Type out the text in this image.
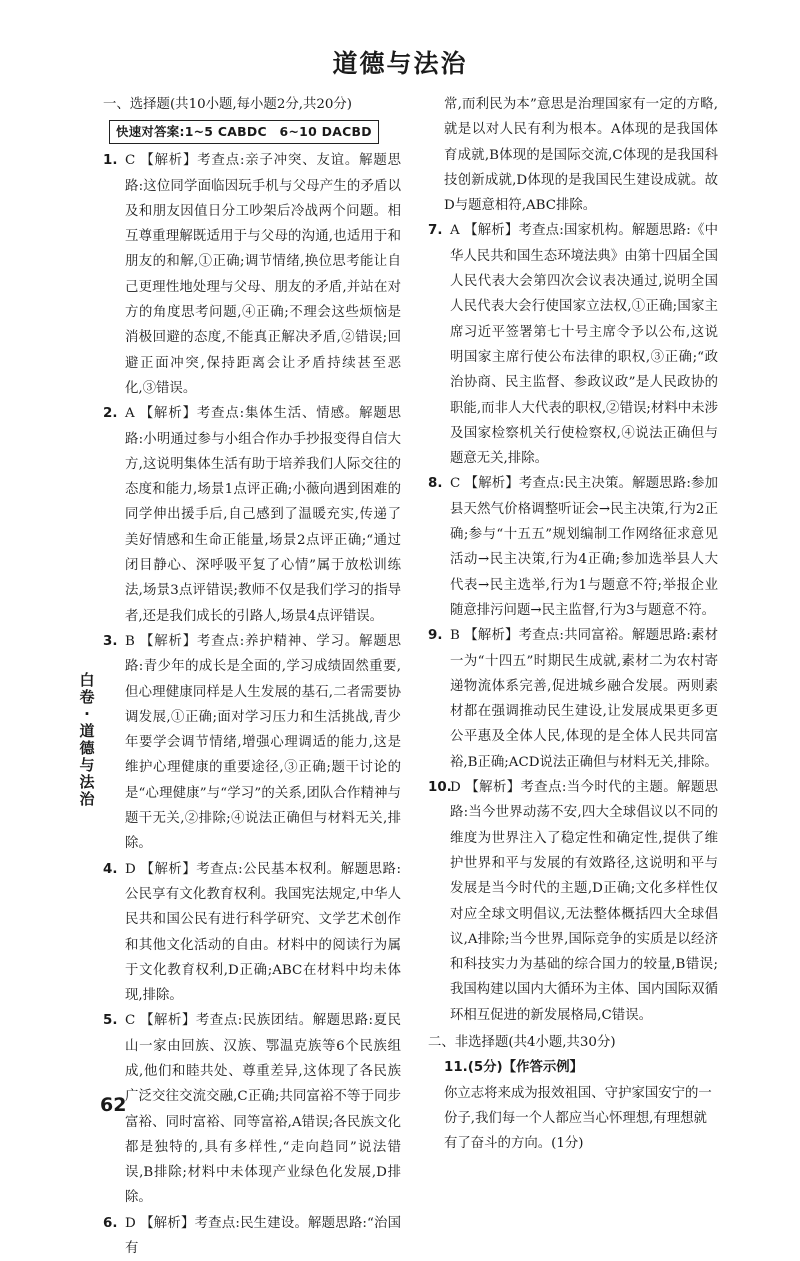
道德与法治

一、选择题(共10小题,每小题2分,共20分)

快速对答案:1~5 CABDC　6~10 DACBD

1. C 【解析】考查点:亲子冲突、友谊。解题思路:这位同学面临因玩手机与父母产生的矛盾以及和朋友因值日分工吵架后冷战两个问题。相互尊重理解既适用于与父母的沟通,也适用于和朋友的和解,①正确;调节情绪,换位思考能让自己更理性地处理与父母、朋友的矛盾,并站在对方的角度思考问题,④正确;不理会这些烦恼是消极回避的态度,不能真正解决矛盾,②错误;回避正面冲突,保持距离会让矛盾持续甚至恶化,③错误。

2. A 【解析】考查点:集体生活、情感。解题思路:小明通过参与小组合作办手抄报变得自信大方,这说明集体生活有助于培养我们人际交往的态度和能力,场景1点评正确;小薇向遇到困难的同学伸出援手后,自己感到了温暖充实,传递了美好情感和生命正能量,场景2点评正确;“通过闭目静心、深呼吸平复了心情”属于放松训练法,场景3点评错误;教师不仅是我们学习的指导者,还是我们成长的引路人,场景4点评错误。

3. B 【解析】考查点:养护精神、学习。解题思路:青少年的成长是全面的,学习成绩固然重要,但心理健康同样是人生发展的基石,二者需要协调发展,①正确;面对学习压力和生活挑战,青少年要学会调节情绪,增强心理调适的能力,这是维护心理健康的重要途径,③正确;题干讨论的是“心理健康”与“学习”的关系,团队合作精神与题干无关,②排除;④说法正确但与材料无关,排除。

4. D 【解析】考查点:公民基本权利。解题思路:公民享有文化教育权利。我国宪法规定,中华人民共和国公民有进行科学研究、文学艺术创作和其他文化活动的自由。材料中的阅读行为属于文化教育权利,D正确;ABC在材料中均未体现,排除。

5. C 【解析】考查点:民族团结。解题思路:夏民山一家由回族、汉族、鄂温克族等6个民族组成,他们和睦共处、尊重差异,这体现了各民族广泛交往交流交融,C正确;共同富裕不等于同步富裕、同时富裕、同等富裕,A错误;各民族文化都是独特的,具有多样性,“走向趋同”说法错误,B排除;材料中未体现产业绿色化发展,D排除。

6. D 【解析】考查点:民生建设。解题思路:“治国有

常,而利民为本”意思是治理国家有一定的方略,就是以对人民有利为根本。A体现的是我国体育成就,B体现的是国际交流,C体现的是我国科技创新成就,D体现的是我国民生建设成就。故D与题意相符,ABC排除。

7. A 【解析】考查点:国家机构。解题思路:《中华人民共和国生态环境法典》由第十四届全国人民代表大会第四次会议表决通过,说明全国人民代表大会行使国家立法权,①正确;国家主席习近平签署第七十号主席令予以公布,这说明国家主席行使公布法律的职权,③正确;“政治协商、民主监督、参政议政”是人民政协的职能,而非人大代表的职权,②错误;材料中未涉及国家检察机关行使检察权,④说法正确但与题意无关,排除。

8. C 【解析】考查点:民主决策。解题思路:参加县天然气价格调整听证会→民主决策,行为2正确;参与“十五五”规划编制工作网络征求意见活动→民主决策,行为4正确;参加选举县人大代表→民主选举,行为1与题意不符;举报企业随意排污问题→民主监督,行为3与题意不符。

9. B 【解析】考查点:共同富裕。解题思路:素材一为“十四五”时期民生成就,素材二为农村寄递物流体系完善,促进城乡融合发展。两则素材都在强调推动民生建设,让发展成果更多更公平惠及全体人民,体现的是全体人民共同富裕,B正确;ACD说法正确但与材料无关,排除。

10.
D 【解析】考查点:当今时代的主题。解题思路:当今世界动荡不安,四大全球倡议以不同的维度为世界注入了稳定性和确定性,提供了维护世界和平与发展的有效路径,这说明和平与发展是当今时代的主题,D正确;文化多样性仅对应全球文明倡议,无法整体概括四大全球倡议,A排除;当今世界,国际竞争的实质是以经济和科技实力为基础的综合国力的较量,B错误;我国构建以国内大循环为主体、国内国际双循环相互促进的新发展格局,C错误。

二、非选择题(共4小题,共30分)

11.(5分)【作答示例】

你立志将来成为报效祖国、守护家国安宁的一份子,我们每一个人都应当心怀理想,有理想就有了奋斗的方向。(1分)

白卷·道德与法治
62
